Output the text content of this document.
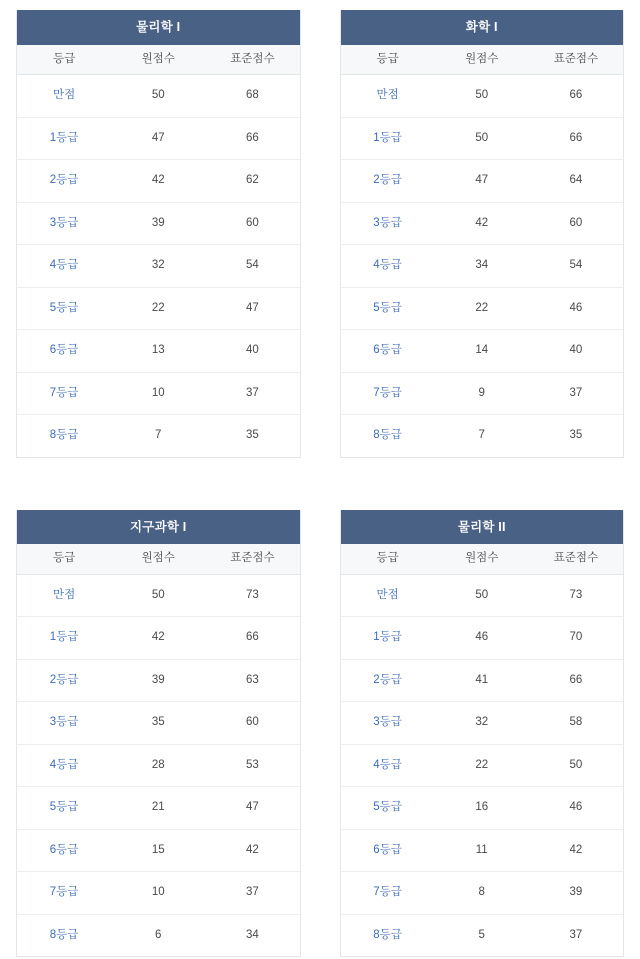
물리학 I
등급	원점수	표준점수
만점	50	68
1등급	47	66
2등급	42	62
3등급	39	60
4등급	32	54
5등급	22	47
6등급	13	40
7등급	10	37
8등급	7	35
화학 I
등급	원점수	표준점수
만점	50	66
1등급	50	66
2등급	47	64
3등급	42	60
4등급	34	54
5등급	22	46
6등급	14	40
7등급	9	37
8등급	7	35
지구과학 I
등급	원점수	표준점수
만점	50	73
1등급	42	66
2등급	39	63
3등급	35	60
4등급	28	53
5등급	21	47
6등급	15	42
7등급	10	37
8등급	6	34
물리학 II
등급	원점수	표준점수
만점	50	73
1등급	46	70
2등급	41	66
3등급	32	58
4등급	22	50
5등급	16	46
6등급	11	42
7등급	8	39
8등급	5	37
